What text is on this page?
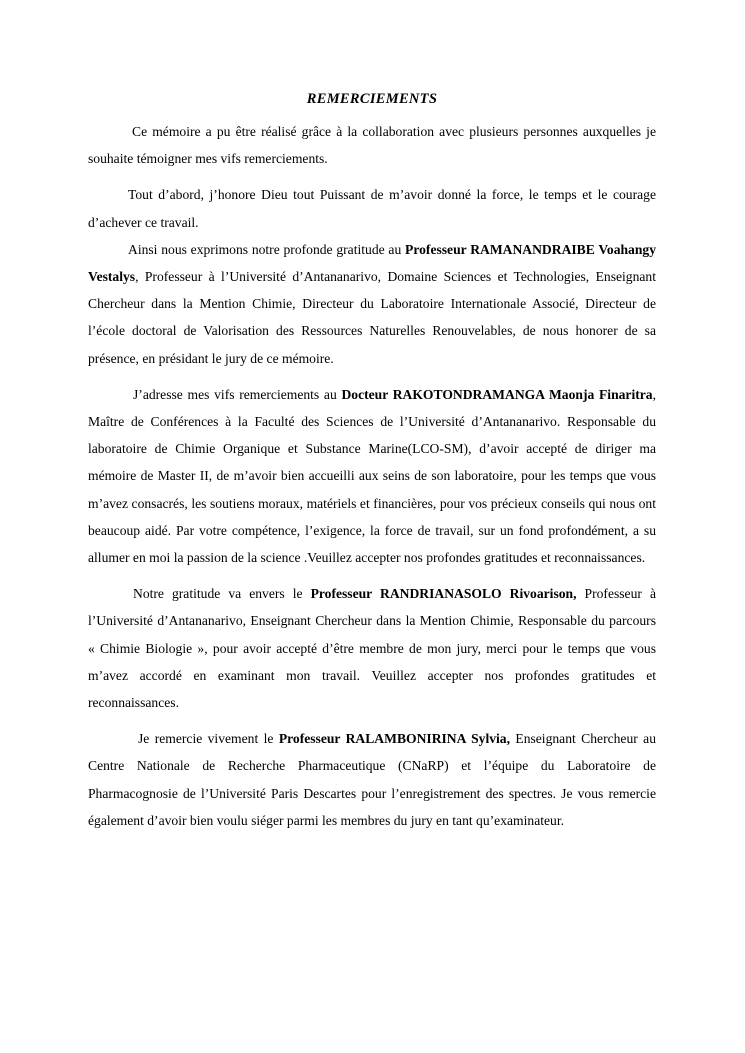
REMERCIEMENTS

Ce mémoire a pu être réalisé grâce à la collaboration avec plusieurs personnes auxquelles je souhaite témoigner mes vifs remerciements.

Tout d’abord, j’honore Dieu tout Puissant de m’avoir donné la force, le temps et le courage d’achever ce travail.

Ainsi nous exprimons notre profonde gratitude au Professeur RAMANANDRAIBE Voahangy Vestalys, Professeur à l’Université d’Antananarivo, Domaine Sciences et Technologies, Enseignant Chercheur dans la Mention Chimie, Directeur du Laboratoire Internationale Associé, Directeur de l’école doctoral de Valorisation des Ressources Naturelles Renouvelables, de nous honorer de sa présence, en présidant le jury de ce mémoire.

J’adresse mes vifs remerciements au Docteur RAKOTONDRAMANGA Maonja Finaritra, Maître de Conférences à la Faculté des Sciences de l’Université d’Antananarivo. Responsable du laboratoire de Chimie Organique et Substance Marine(LCO-SM), d’avoir accepté de diriger ma mémoire de Master II, de m’avoir bien accueilli aux seins de son laboratoire, pour les temps que vous m’avez consacrés, les soutiens moraux, matériels et financières, pour vos précieux conseils qui nous ont beaucoup aidé. Par votre compétence, l’exigence, la force de travail, sur un fond profondément, a su allumer en moi la passion de la science .Veuillez accepter nos profondes gratitudes et reconnaissances.

Notre gratitude va envers le Professeur RANDRIANASOLO Rivoarison, Professeur à l’Université d’Antananarivo, Enseignant Chercheur dans la Mention Chimie, Responsable du parcours « Chimie Biologie », pour avoir accepté d’être membre de mon jury, merci pour le temps que vous m’avez accordé en examinant mon travail. Veuillez accepter nos profondes gratitudes et reconnaissances.

Je remercie vivement le Professeur RALAMBONIRINA Sylvia, Enseignant Chercheur au Centre Nationale de Recherche Pharmaceutique (CNaRP) et l’équipe du Laboratoire de Pharmacognosie de l’Université Paris Descartes pour l’enregistrement des spectres. Je vous remercie également d’avoir bien voulu siéger parmi les membres du jury en tant qu’examinateur.
